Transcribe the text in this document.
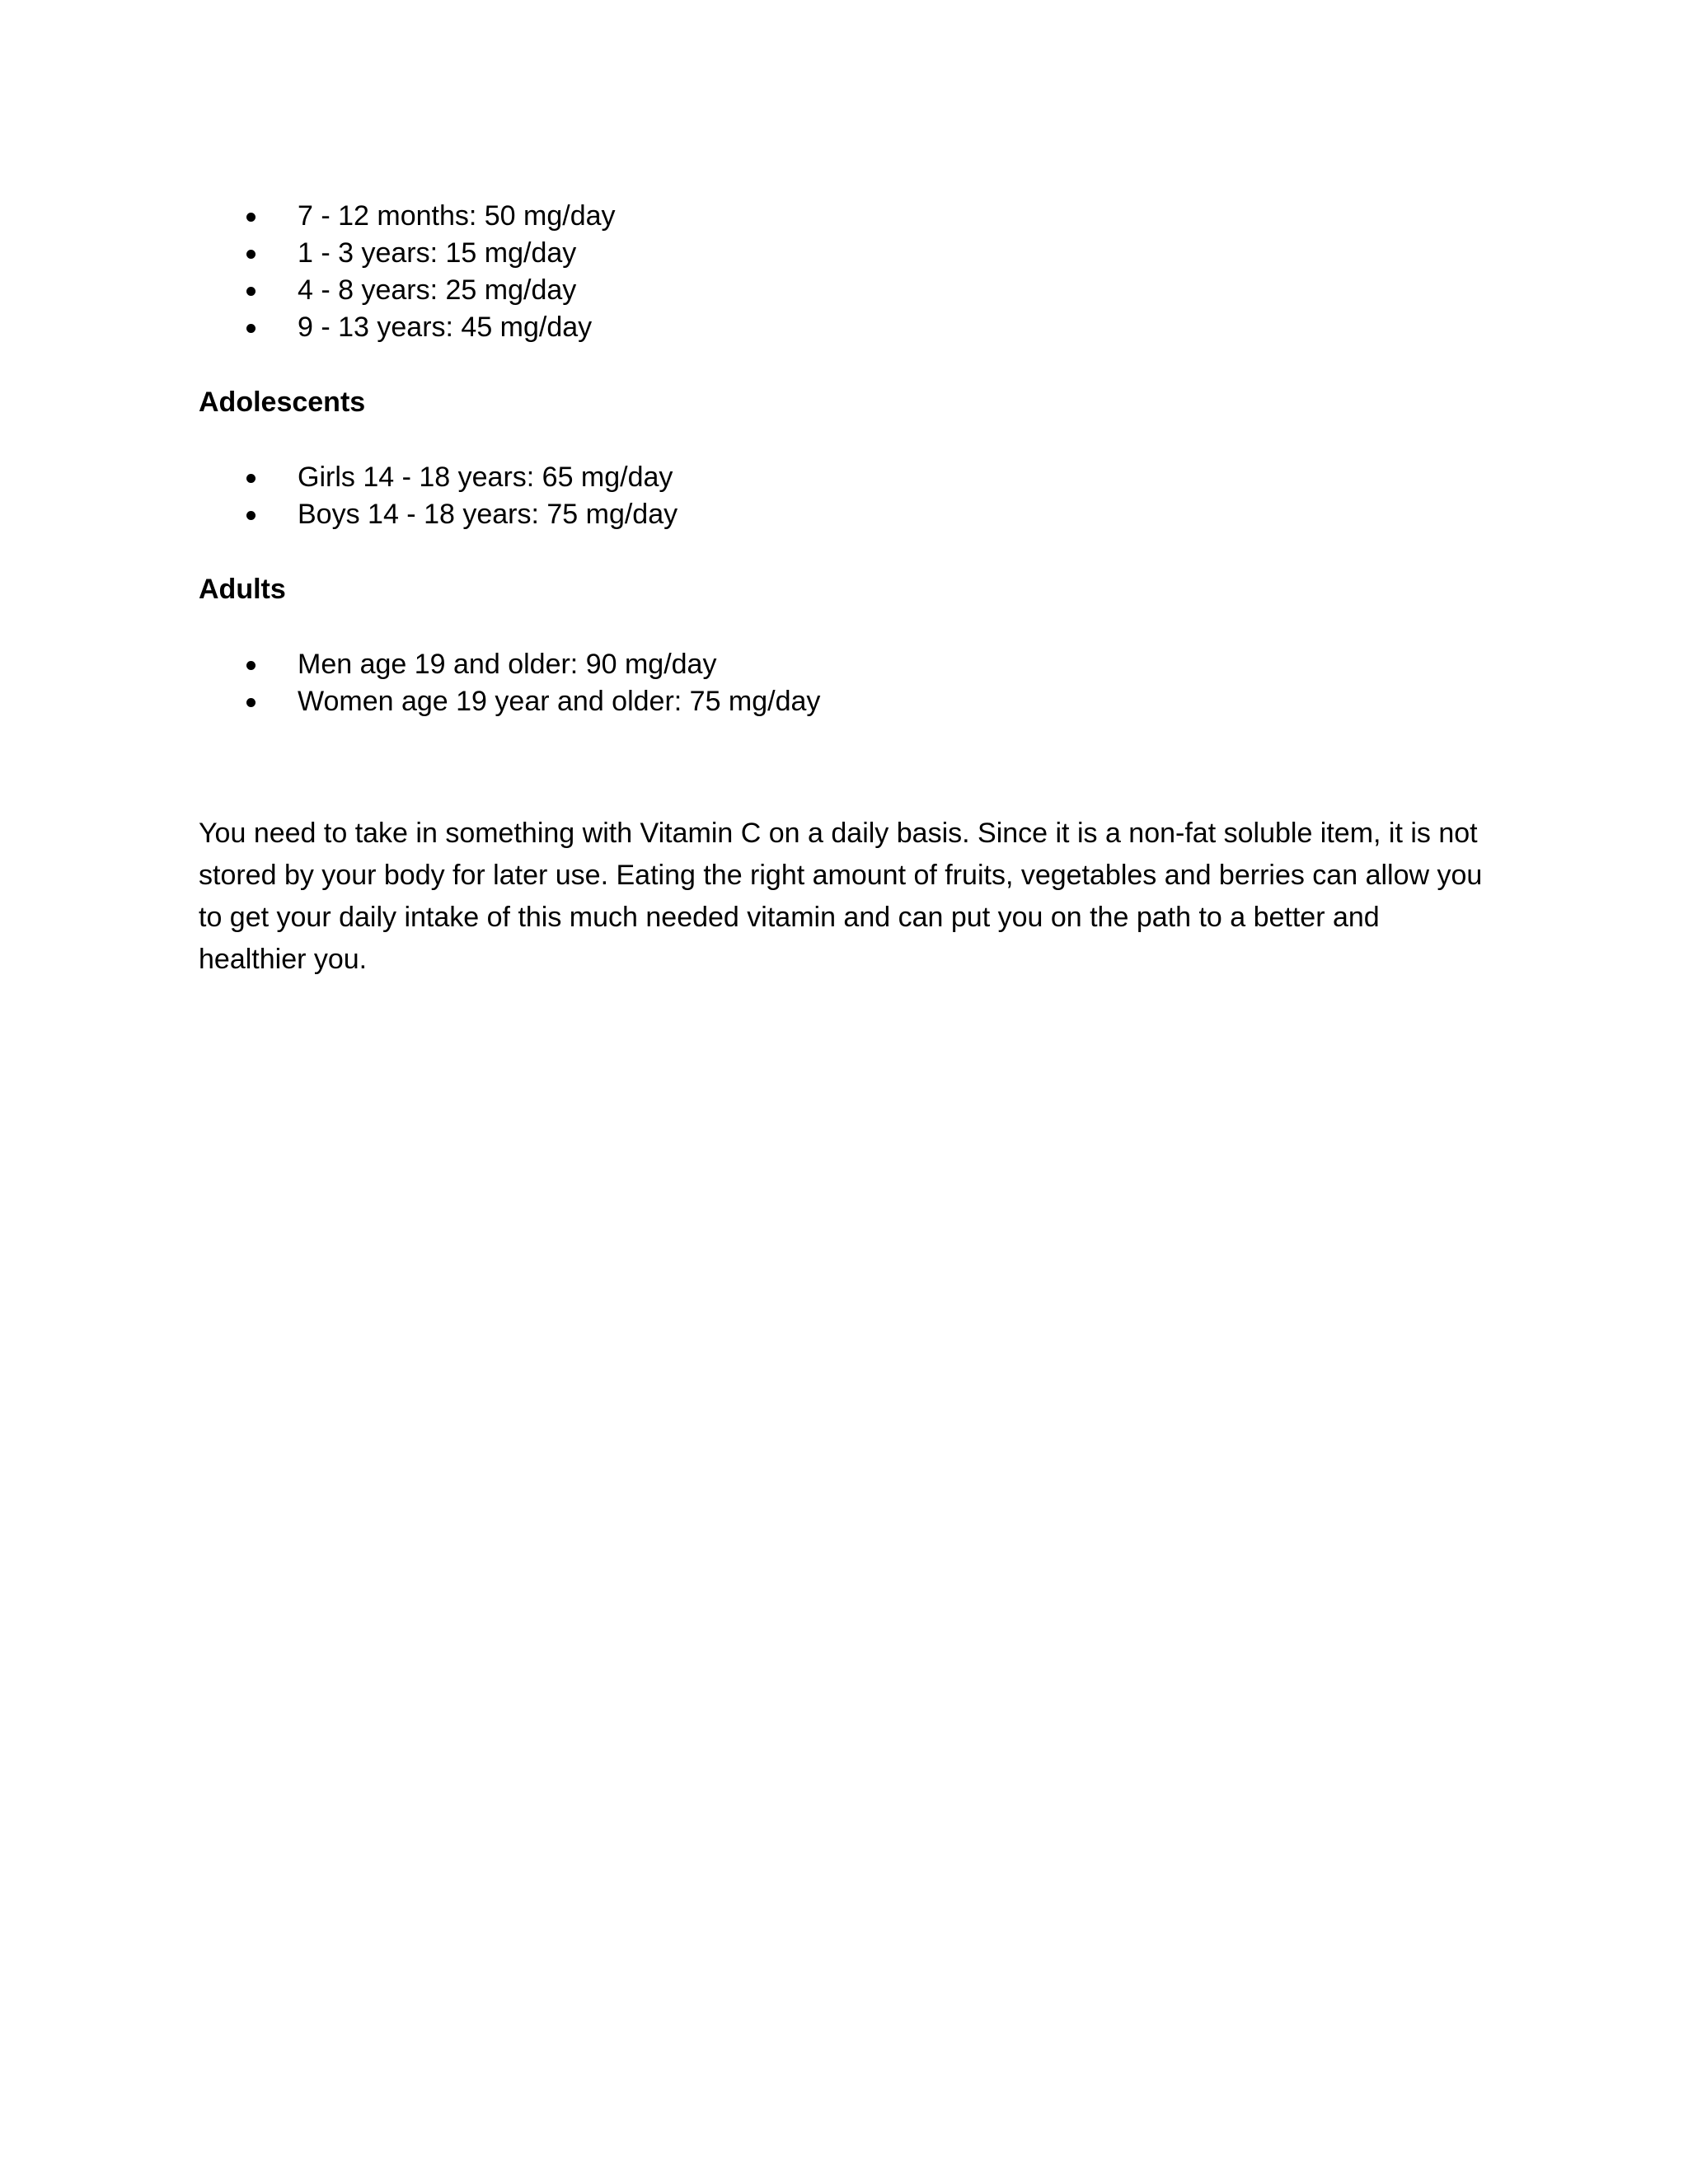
7 - 12 months: 50 mg/day
1 - 3 years: 15 mg/day
4 - 8 years: 25 mg/day
9 - 13 years: 45 mg/day
Adolescents
Girls 14 - 18 years: 65 mg/day
Boys 14 - 18 years: 75 mg/day
Adults
Men age 19 and older: 90 mg/day
Women age 19 year and older: 75 mg/day

You need to take in something with Vitamin C on a daily basis. Since it is a non-fat soluble item, it is not stored by your body for later use. Eating the right amount of fruits, vegetables and berries can allow you to get your daily intake of this much needed vitamin and can put you on the path to a better and healthier you.
